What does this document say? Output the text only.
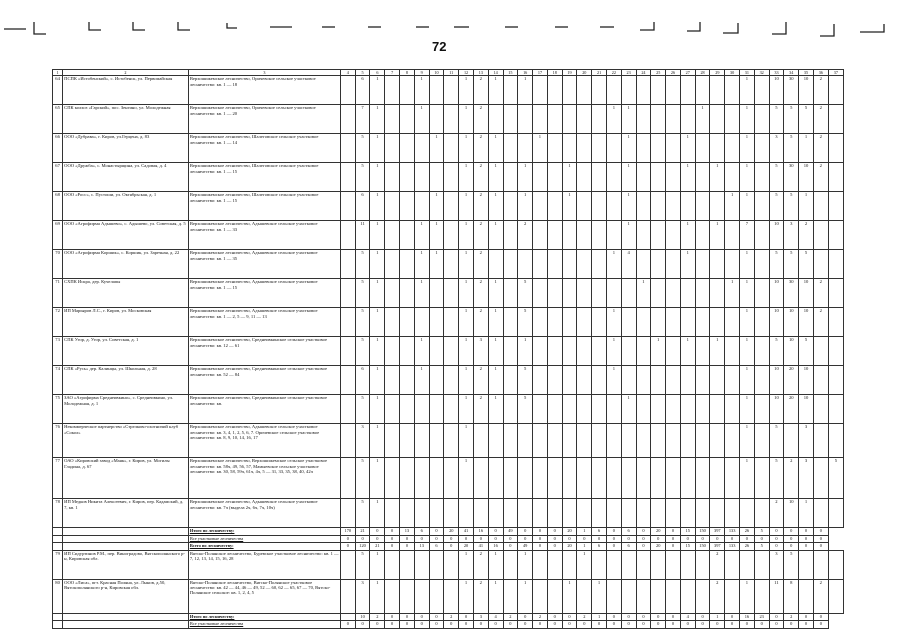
72
1	2	3	4	5	6	7	8	9	10	11	12	13	14	15	16	17	18	19	20	21	22	23	24	25	26	27	28	29	30	31	32	33	34	35	36	37
64	ПСПК «Истобенский», с. Истобенск, ул. Первомайская	Верхошижемское лесничество, Оричевское сельское участковое лесничество: кв. 1 — 18		6	1			1			1	2	1		1															1		10	30	10	2	
65	СПК колхоз «Гарский», пос. Зенгино, ул. Молодежная	Верхошижемское лесничество, Оричевское сельское участковое лесничество: кв. 1 — 20		7	1			1			1	2									1	1					1			1		5	5	5	2	
66	ООО «Дубрава», г. Киров, ул.Герцена, д. 83	Верхошижемское лесничество, Шалеговское сельское участковое лесничество: кв. 1 — 14		5	1				1		1	2	1			1						1				1				1		3	5	1	2	
67	ООО «Дружба», с. Монастырщина, ул. Садовая, д. 4	Верхошижемское лесничество, Шалеговское сельское участковое лесничество: кв. 1 — 15		5	1						1	2	1		1			1				1				1		1		1		5	30	10	2	
68	ООО «Росс», с. Пустоши, ул. Октябрьская, д. 1	Верхошижемское лесничество, Шалеговское сельское участковое лесничество: кв. 1 — 15		6	1				1		1	2	1		1			1				1							1	1		5	5	1		
69	ООО «Агрофирма Адышево», с. Адышево, ул. Советская, д. 5	Верхошижемское лесничество, Адышевское сельское участковое лесничество: кв. 1 — 33		11	1			1	1		1	2	1		2							1				1		1		7		10	3	2		
70	ООО «Агрофирма Коршик», с. Коршик, ул. Заречная, д. 22	Верхошижемское лесничество, Адышевское сельское участковое лесничество: кв. 1 — 35		5	1			1	1		1	2									1	4				1				1		5	5	5		
71	СХПК Искра, дер. Кучелапы	Верхошижемское лесничество, Адышевское сельское участковое лесничество: кв. 1 — 15		5	1			1			1	2	1		5								1						1	1		10	30	10	2	
72	ИП Марьяров Л.С., г. Киров, ул. Московская	Верхошижемское лесничество, Адышевское сельское участковое лесничество: кв. 1 — 2, 5 — 9, 11 — 13		5	1						1	2	1		5						1									1		10	10	10	2	
73	СПК Угор, д. Угор, ул. Советская, д. 1	Верхошижемское лесничество, Среднеивкинское сельское участковое лесничество: кв. 12 — 61		5	1			1			1	3	1		1						1			1		1		1		1		5	10	5		
74	СПК «Русь» дер. Калинцы, ул. Школьная, д. 28	Верхошижемское лесничество, Среднеивкинское сельское участковое лесничество: кв. 52 — 84		6	1			1			1	2	1		5						1									1		10	20	10		
75	ЗАО «Агрофирма Среднеивкино», с. Среднеивкино, ул. Молодежная, д. 1	Верхошижемское лесничество, Среднеивкинское сельское участковое лесничество: кв.		5	1						1	2	1		5							1								1		10	20	10		
76	Некоммерческое партнерство «Стрелково-охотничий клуб «Сокол»	Верхошижемское лесничество, Адышевское сельское участковое лесничество: кв. 3, 4, 1, 2, 5, 6, 7. Оричевское сельское участковое лесничество: кв. 8, 9, 10, 14, 16, 17		3	1						1																			1		5		3		
77	ОАО «Кировский завод «Маяк», г. Киров, ул. Могилы Гладина, д. 67	Верхошижемское лесничество, Верхошижемское сельское участковое лесничество: кв. 58ч, 49, 56, 57, Мамыевское сельское участковое лесничество: кв. 30, 58, 59ч, 61ч, 4ч, 5 — 31, 33, 35, 38, 40, 42ч		5	1						1																			1		5	2	3		5
78	ИП Медков Никита Алексеевич, г. Киров, пер. Кадамский, д. 7, кв. 1	Верхошижемское лесничество, Адышевское сельское участковое лесничество: кв. 7ч (выдела 2ч, 6ч, 7ч, 10ч)		5	1																											2	10	1		
		Итого по лесничеству:	170	21	0	0	13	6	0	20	41	16	0	49	0	0	0	20	1	6	0	6	0	20	0	15	150	397	133	26	5	0	0	0	0	
		Все участковые лесничества	0	0	0	0	0	0	0	0	0	0	0	0	0	0	0	0	0	0	0	0	0	0	0	0	0	0	0	0	0	0	0	0	0	
		Всего по лесничеству:	0	120	21	0	0	13	6	0	20	41	16	0	49	0	0	20	1	6	0	6	0	20	0	15	150	397	133	26	5	0	0	0	0	
79	ИП Сидуртинов Р.М., пер. Виноградово, Вятскополянского р-н, Кировская обл.	Вятско-Полянское лесничество, Буревское участковое лесничество: кв. 1 — 7, 12, 13, 14, 15, 16, 28		5	1						1	2	1		1				1									2				3	5			
80	ООО «Лиса», пгт. Красная Поляна, ул. Лынов, д.50, Вятскополянского р-н, Кировская обл.	Вятско-Полянское лесничество, Вятско-Полянское участковое лесничество: кв. 42 — 44, 46 — 49, 52 — 60, 62 — 65, 67 — 70, Вятско-Полянское сельское: кв. 1, 2, 4, 5		3	1						1	2	1		1			1		1								2		1		11	8		2	
		Итого по лесничеству:		10	2	0	0	0	0	2	0	3	4	2	0	2	0	0	2	1	0	0	0	0	0	4	0	1	0	16	23	0	2	0	0	
		Все участковые лесничества	0	0	0	0	0	0	0	0	0	0	0	0	0	0	0	0	0	0	0	0	0	0	0	0	0	0	0	0	0	0	0	0	0	
